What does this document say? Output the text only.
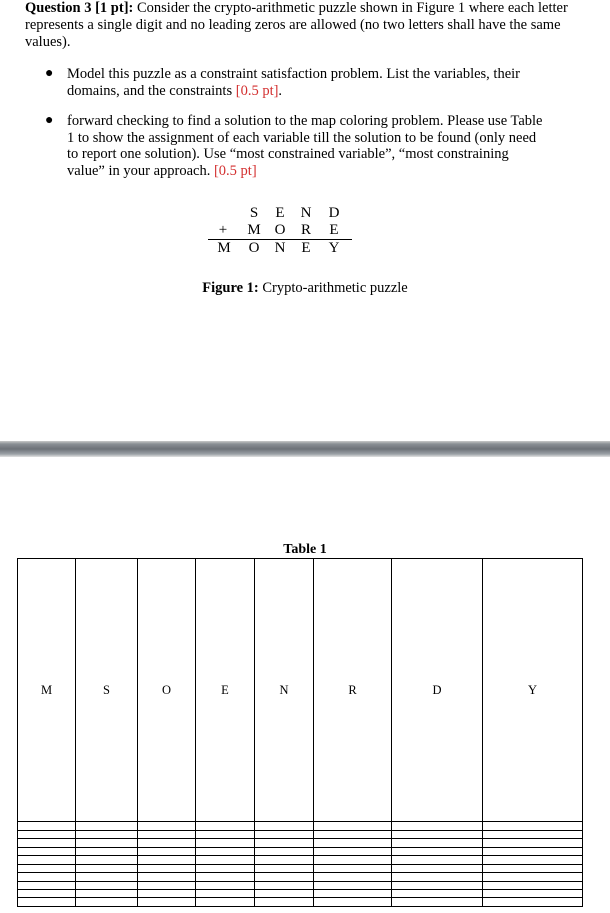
Question 3 [1 pt]: Consider the crypto-arithmetic puzzle shown in Figure 1 where each letter represents a single digit and no leading zeros are allowed (no two letters shall have the same values).
● Model this puzzle as a constraint satisfaction problem. List the variables, their domains, and the constraints [0.5 pt].
● forward checking to find a solution to the map coloring problem. Please use Table 1 to show the assignment of each variable till the solution to be found (only need to report one solution). Use “most constrained variable”, “most constraining value” in your approach. [0.5 pt]
S	E N D
+	M O R E
M O N E Y
Figure 1: Crypto-arithmetic puzzle
Table 1
M	S	O	E	N	R	D	Y
